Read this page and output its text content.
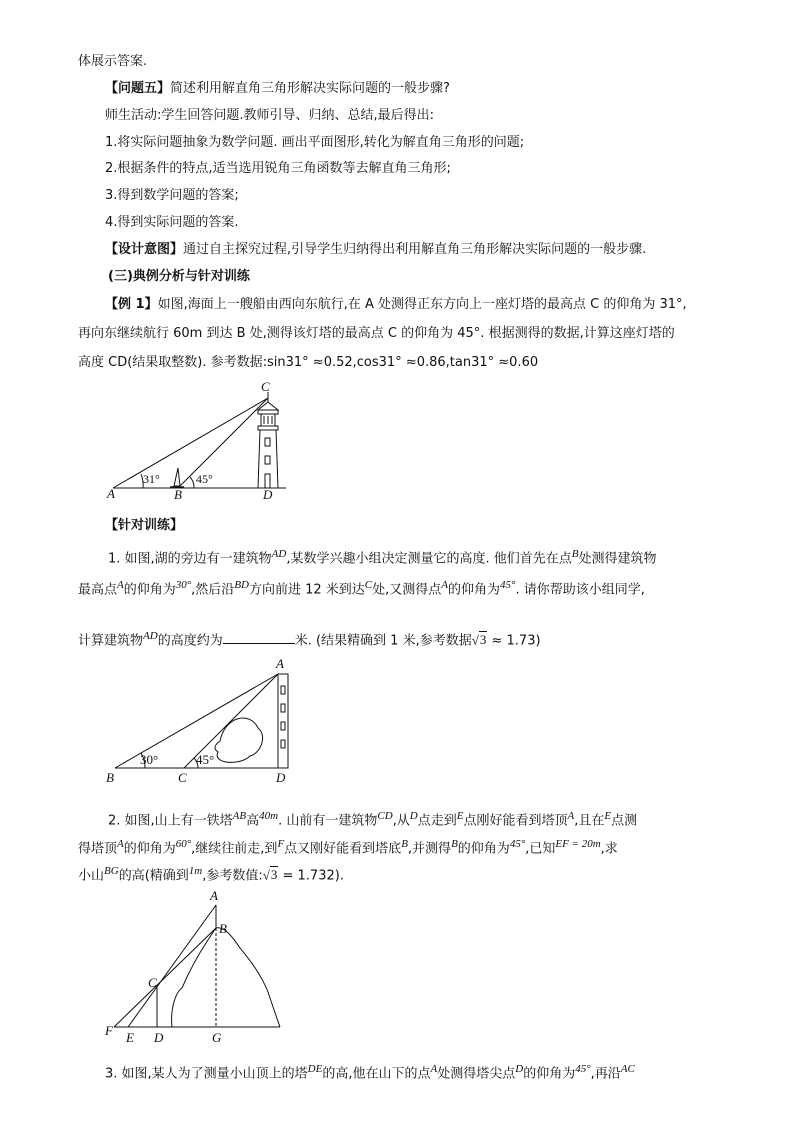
体展示答案.
【问题五】简述利用解直角三角形解决实际问题的一般步骤?
师生活动:学生回答问题.教师引导、归纳、总结,最后得出:
1.将实际问题抽象为数学问题. 画出平面图形,转化为解直角三角形的问题;
2.根据条件的特点,适当选用锐角三角函数等去解直角三角形;
3.得到数学问题的答案;
4.得到实际问题的答案.
【设计意图】通过自主探究过程,引导学生归纳得出利用解直角三角形解决实际问题的一般步骤.
(三)典例分析与针对训练
【例 1】如图,海面上一艘船由西向东航行,在 A 处测得正东方向上一座灯塔的最高点 C 的仰角为 31°,
再向东继续航行 60m 到达 B 处,测得该灯塔的最高点 C 的仰角为 45°. 根据测得的数据,计算这座灯塔的
高度 CD(结果取整数). 参考数据:sin31° ≈0.52,cos31° ≈0.86,tan31° ≈0.60
C
A	B	D
31°	45°
【针对训练】
1. 如图,湖的旁边有一建筑物$^{AD}$,某数学兴趣小组决定测量它的高度. 他们首先在点$^B$处测得建筑物
最高点$^A$的仰角为$^{30^\circ}$,然后沿$^{BD}$方向前进 12 米到达$^C$处,又测得点$^A$的仰角为$^{45^\circ}$. 请你帮助该小组同学,
计算建筑物$^{AD}$的高度约为	米. (结果精确到 1 米,参考数据√3 ≈ 1.73)
A
B	C	D
30°	45°
2. 如图,山上有一铁塔$^{AB}$高$^{40m}$. 山前有一建筑物$^{CD}$,从$^D$点走到$^E$点刚好能看到塔顶$^A$,且在$^E$点测
得塔顶$^A$的仰角为$^{60^\circ}$,继续往前走,到$^F$点又刚好能看到塔底$^B$,并测得$^B$的仰角为$^{45^\circ}$,已知$^{EF = 20m}$,求
小山$^{BG}$的高(精确到$^{1m}$,参考数值:√3 = 1.732).
A
B
C
F E D	G
3. 如图,某人为了测量小山顶上的塔$^{DE}$的高,他在山下的点$^A$处测得塔尖点$^D$的仰角为$^{45^\circ}$,再沿$^{AC}$
